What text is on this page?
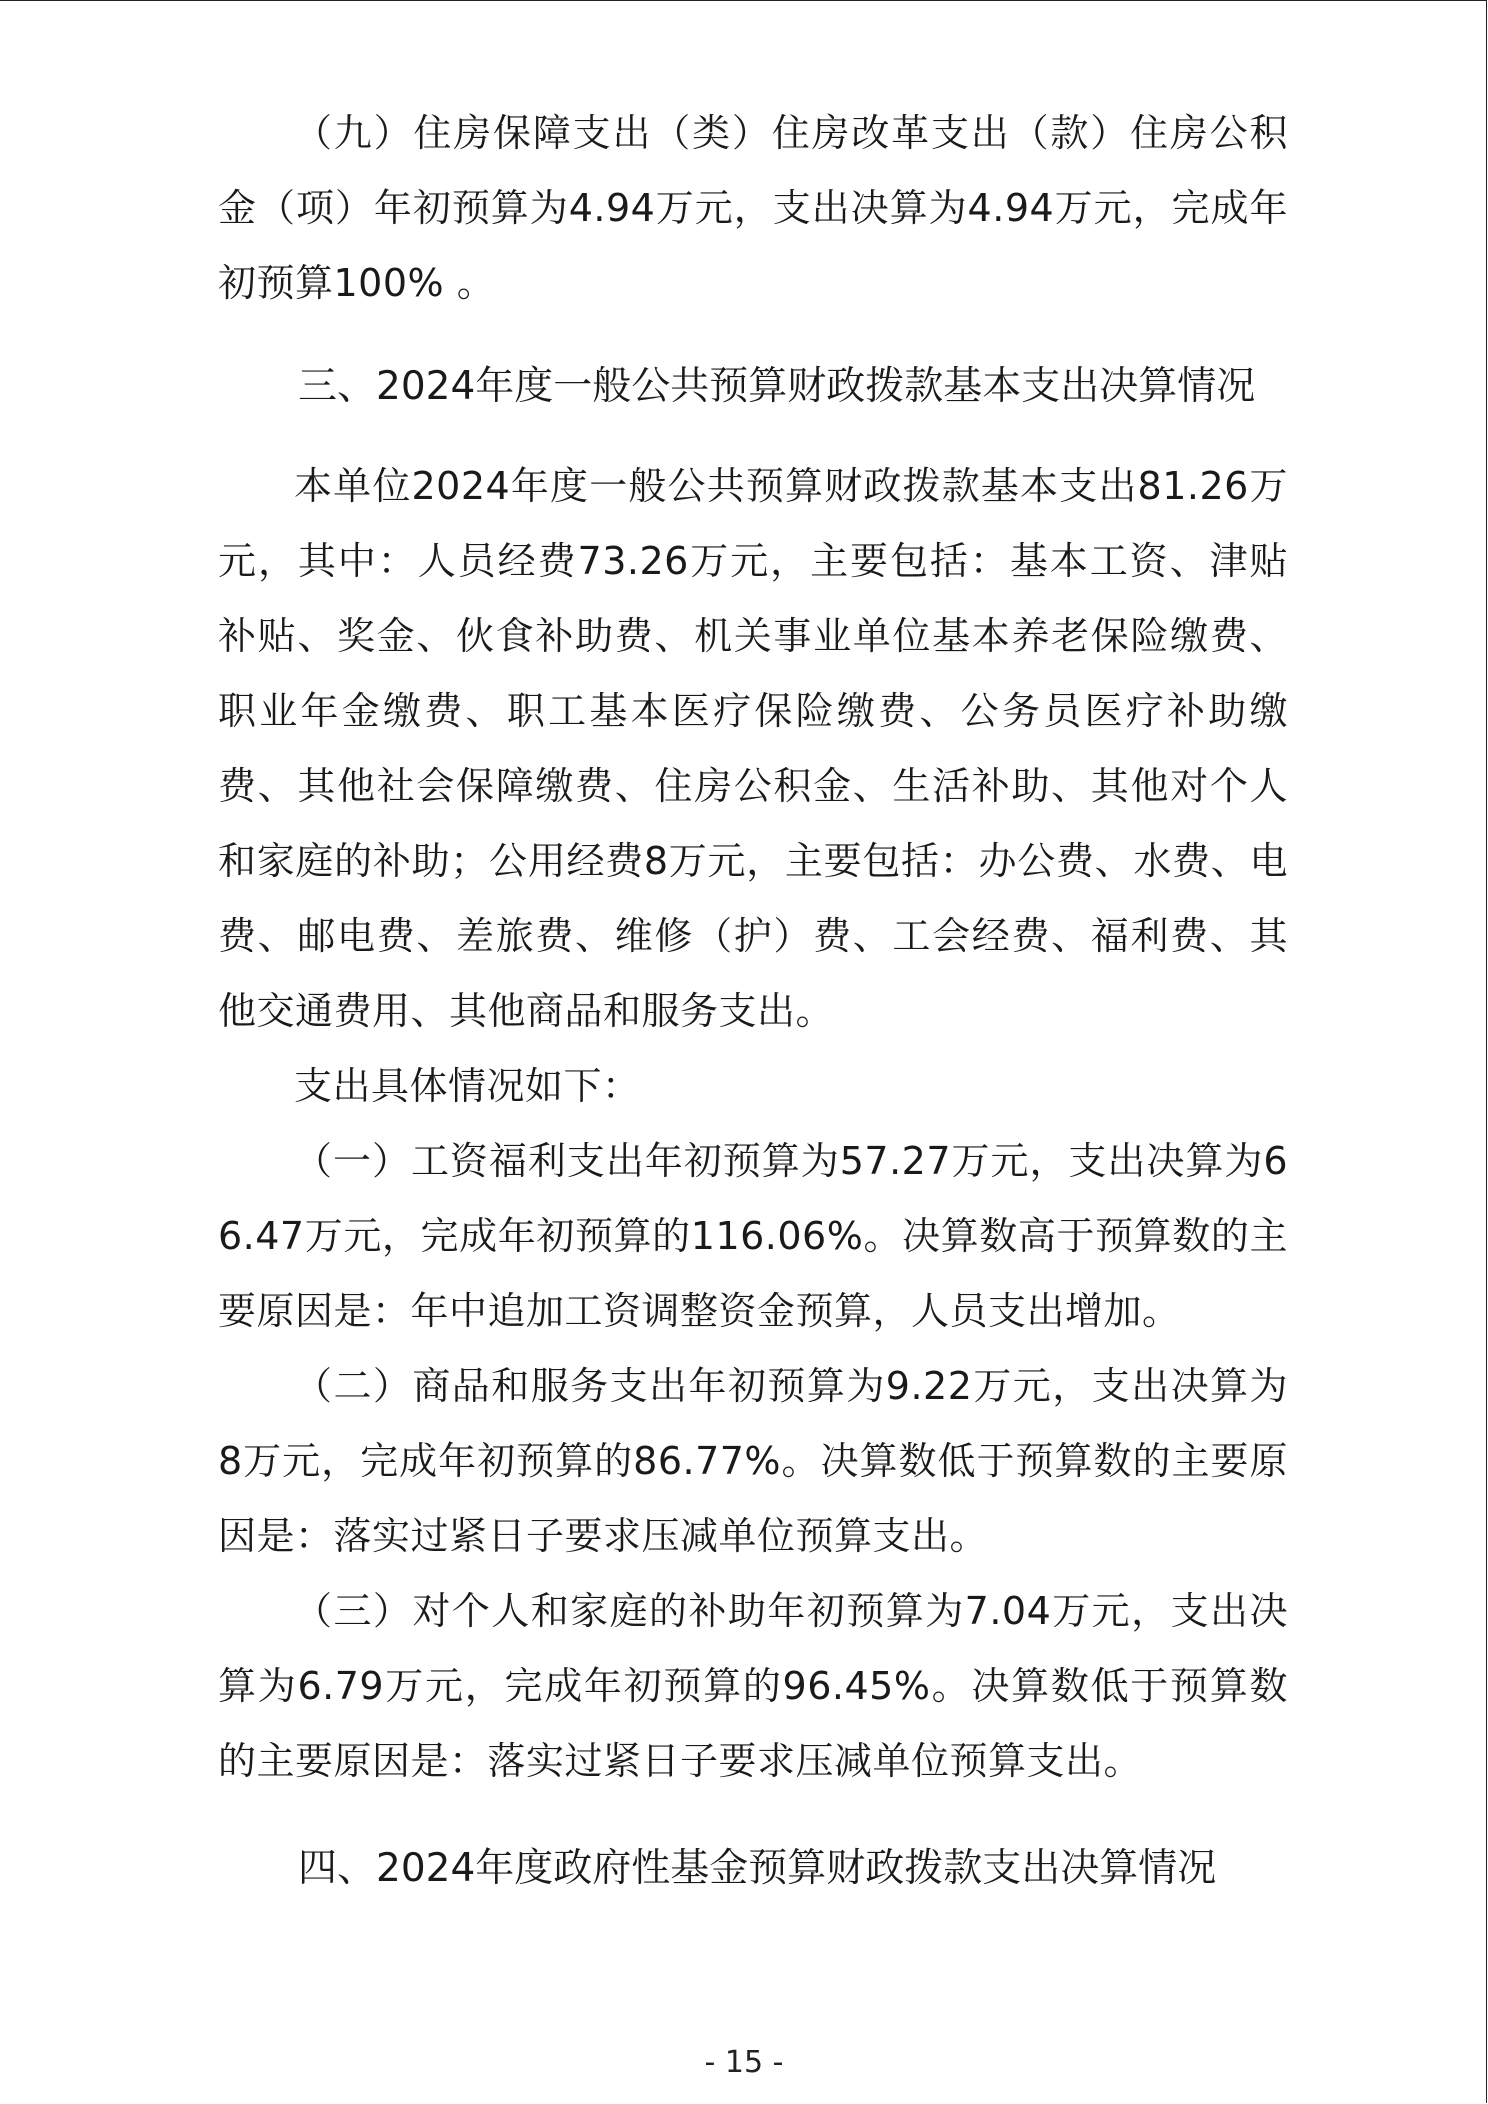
（九）住房保障支出（类）住房改革支出（款）住房公积金（项）年初预算为4.94万元，支出决算为4.94万元，完成年初预算100% 。

三、2024年度一般公共预算财政拨款基本支出决算情况

本单位2024年度一般公共预算财政拨款基本支出81.26万元，其中：人员经费73.26万元，主要包括：基本工资、津贴补贴、奖金、伙食补助费、机关事业单位基本养老保险缴费、职业年金缴费、职工基本医疗保险缴费、公务员医疗补助缴费、其他社会保障缴费、住房公积金、生活补助、其他对个人和家庭的补助；公用经费8万元，主要包括：办公费、水费、电费、邮电费、差旅费、维修（护）费、工会经费、福利费、其他交通费用、其他商品和服务支出。

支出具体情况如下：

（一）工资福利支出年初预算为57.27万元，支出决算为66.47万元，完成年初预算的116.06%。决算数高于预算数的主要原因是：年中追加工资调整资金预算，人员支出增加。

（二）商品和服务支出年初预算为9.22万元，支出决算为8万元，完成年初预算的86.77%。决算数低于预算数的主要原因是：落实过紧日子要求压减单位预算支出。

（三）对个人和家庭的补助年初预算为7.04万元，支出决算为6.79万元，完成年初预算的96.45%。决算数低于预算数的主要原因是：落实过紧日子要求压减单位预算支出。

四、2024年度政府性基金预算财政拨款支出决算情况

- 15 -
